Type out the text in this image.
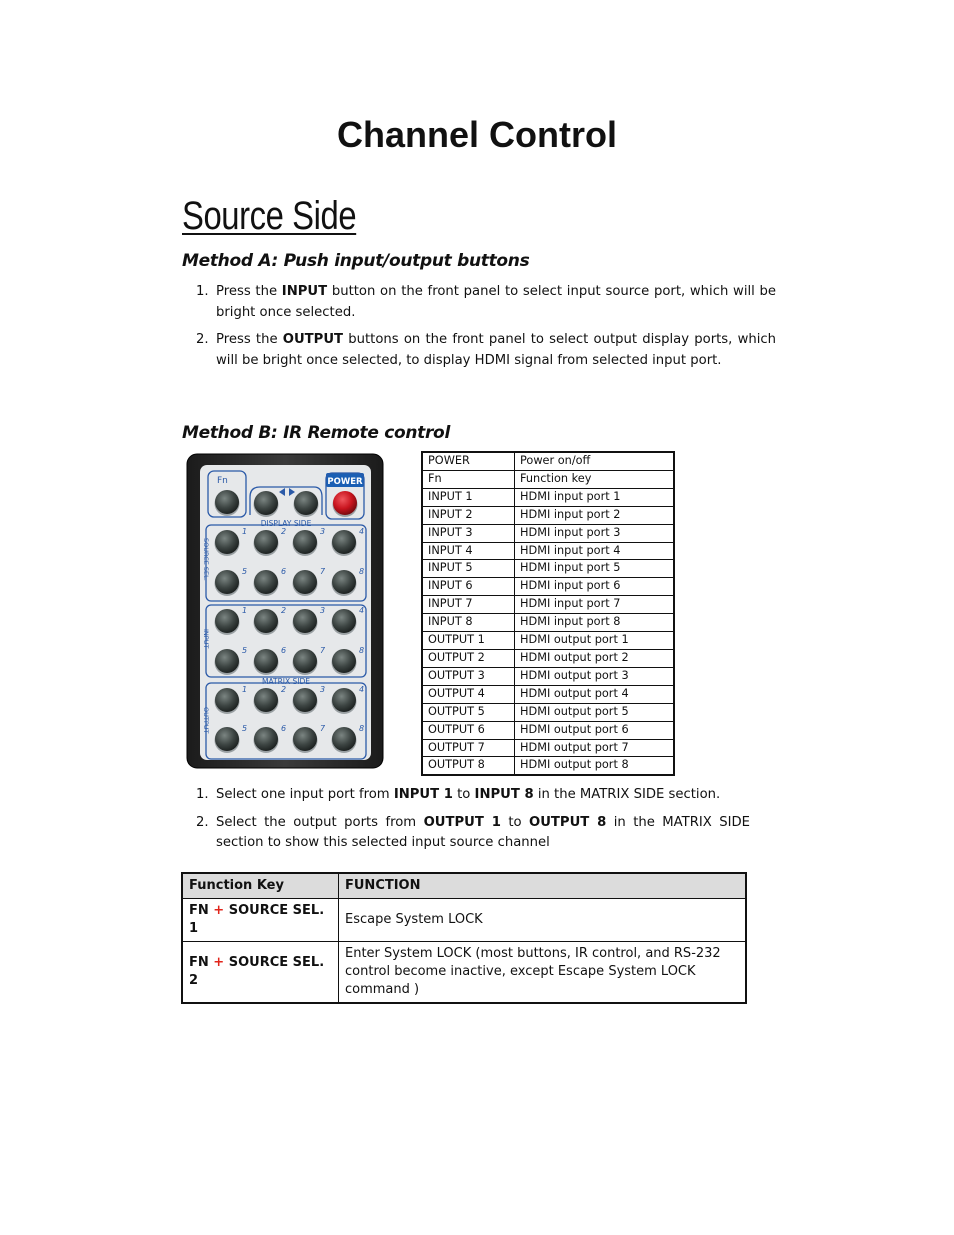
Channel Control
Source Side
Method A: Push input/output buttons
1. Press the INPUT button on the front panel to select input source port, which will be bright once selected.
2. Press the OUTPUT buttons on the front panel to select output display ports, which will be bright once selected, to display HDMI signal from selected input port.
Method B: IR Remote control
POWER
Fn
DISPLAY SIDE
MATRIX SIDE
SOURCE SEL.
INPUT
OUTPUT
1	2	3	4
5	6	7	8
1	2	3	4
5	6	7	8
1	2	3	4
5	6	7	8
POWER	Power on/off
Fn	Function key
INPUT 1	HDMI input port 1
INPUT 2	HDMI input port 2
INPUT 3	HDMI input port 3
INPUT 4	HDMI input port 4
INPUT 5	HDMI input port 5
INPUT 6	HDMI input port 6
INPUT 7	HDMI input port 7
INPUT 8	HDMI input port 8
OUTPUT 1	HDMI output port 1
OUTPUT 2	HDMI output port 2
OUTPUT 3	HDMI output port 3
OUTPUT 4	HDMI output port 4
OUTPUT 5	HDMI output port 5
OUTPUT 6	HDMI output port 6
OUTPUT 7	HDMI output port 7
OUTPUT 8	HDMI output port 8
1. Select one input port from INPUT 1 to INPUT 8 in the MATRIX SIDE section.
2. Select the output ports from OUTPUT 1 to OUTPUT 8 in the MATRIX SIDE section to show this selected input source channel
Function Key	FUNCTION
FN + SOURCE SEL. 1	Escape System LOCK
FN + SOURCE SEL. 2	Enter System LOCK (most buttons, IR control, and RS-232 control become inactive, except Escape System LOCK command )
